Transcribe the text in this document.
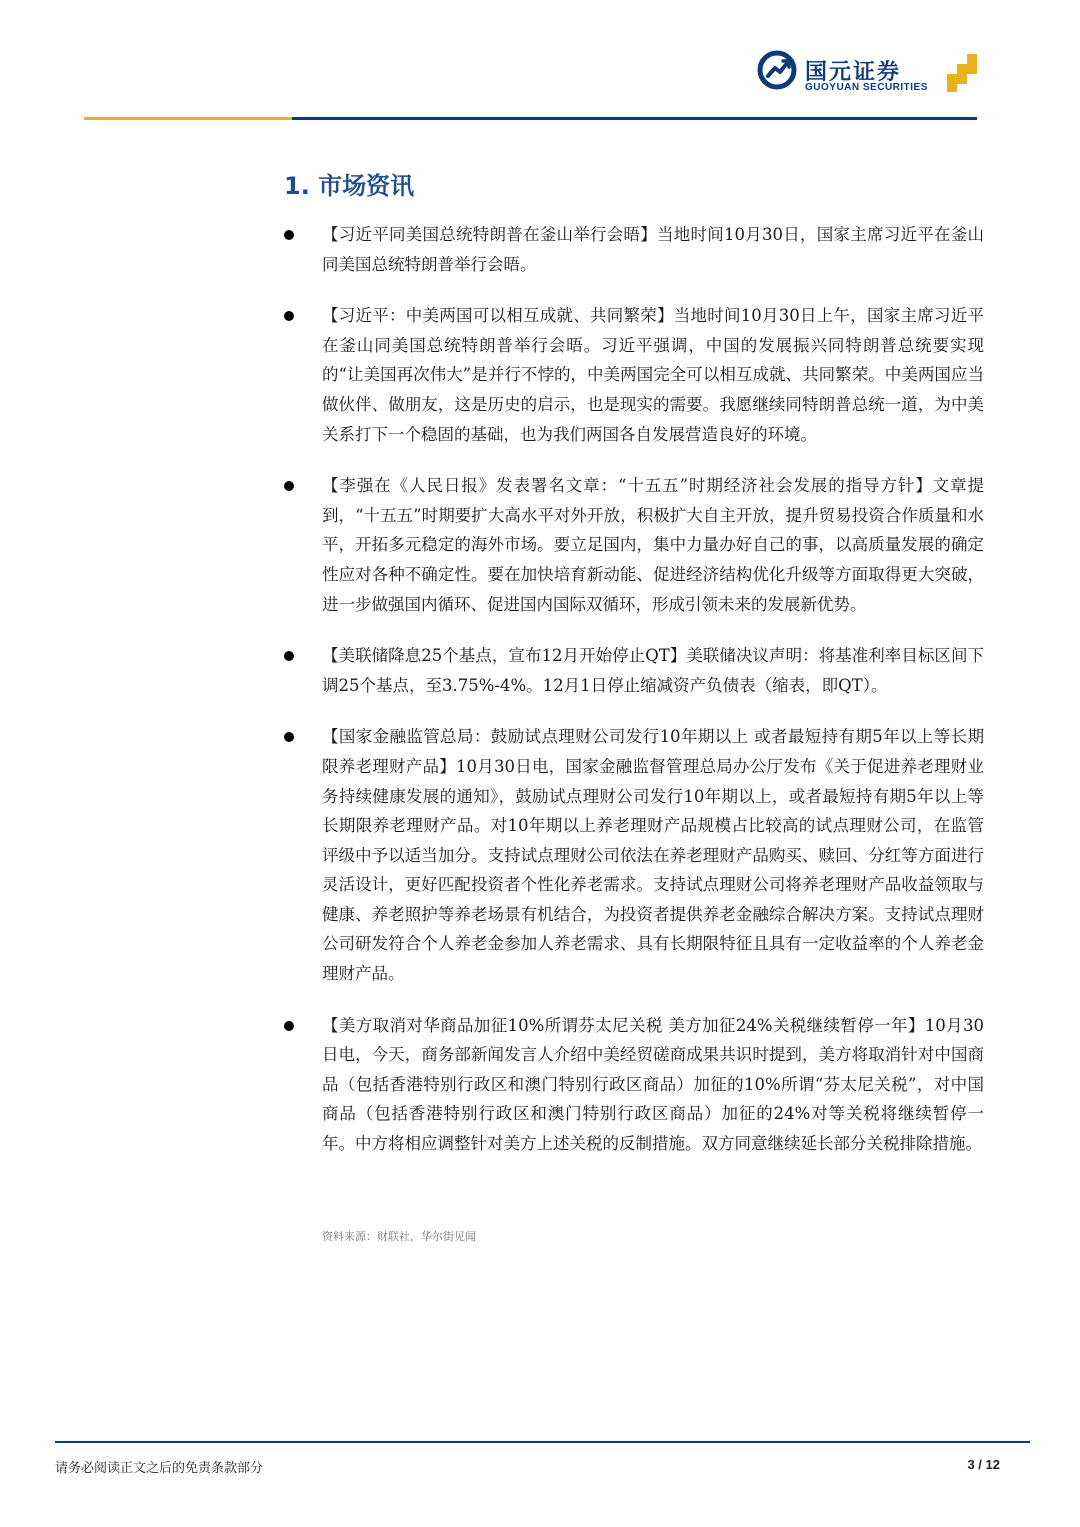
国元证券
GUOYUAN SECURITIES
1. 市场资讯
【习近平同美国总统特朗普在釜山举行会晤】当地时间10月30日，国家主席习近平在釜山同美国总统特朗普举行会晤。
【习近平：中美两国可以相互成就、共同繁荣】当地时间10月30日上午，国家主席习近平在釜山同美国总统特朗普举行会晤。习近平强调，中国的发展振兴同特朗普总统要实现的“让美国再次伟大”是并行不悖的，中美两国完全可以相互成就、共同繁荣。中美两国应当做伙伴、做朋友，这是历史的启示，也是现实的需要。我愿继续同特朗普总统一道，为中美关系打下一个稳固的基础，也为我们两国各自发展营造良好的环境。
【李强在《人民日报》发表署名文章：“十五五”时期经济社会发展的指导方针】文章提到，“十五五”时期要扩大高水平对外开放，积极扩大自主开放，提升贸易投资合作质量和水平，开拓多元稳定的海外市场。要立足国内，集中力量办好自己的事，以高质量发展的确定性应对各种不确定性。要在加快培育新动能、促进经济结构优化升级等方面取得更大突破，进一步做强国内循环、促进国内国际双循环，形成引领未来的发展新优势。
【美联储降息25个基点，宣布12月开始停止QT】美联储决议声明：将基准利率目标区间下调25个基点，至3.75%-4%。12月1日停止缩减资产负债表（缩表，即QT）。
【国家金融监管总局：鼓励试点理财公司发行10年期以上 或者最短持有期5年以上等长期限养老理财产品】10月30日电，国家金融监督管理总局办公厅发布《关于促进养老理财业务持续健康发展的通知》，鼓励试点理财公司发行10年期以上，或者最短持有期5年以上等长期限养老理财产品。对10年期以上养老理财产品规模占比较高的试点理财公司，在监管评级中予以适当加分。支持试点理财公司依法在养老理财产品购买、赎回、分红等方面进行灵活设计，更好匹配投资者个性化养老需求。支持试点理财公司将养老理财产品收益领取与健康、养老照护等养老场景有机结合，为投资者提供养老金融综合解决方案。支持试点理财公司研发符合个人养老金参加人养老需求、具有长期限特征且具有一定收益率的个人养老金理财产品。
【美方取消对华商品加征10%所谓芬太尼关税 美方加征24%关税继续暂停一年】10月30日电，今天，商务部新闻发言人介绍中美经贸磋商成果共识时提到，美方将取消针对中国商品（包括香港特别行政区和澳门特别行政区商品）加征的10%所谓“芬太尼关税”，对中国商品（包括香港特别行政区和澳门特别行政区商品）加征的24%对等关税将继续暂停一年。中方将相应调整针对美方上述关税的反制措施。双方同意继续延长部分关税排除措施。
资料来源：财联社，华尔街见闻
请务必阅读正文之后的免责条款部分	3 / 12
